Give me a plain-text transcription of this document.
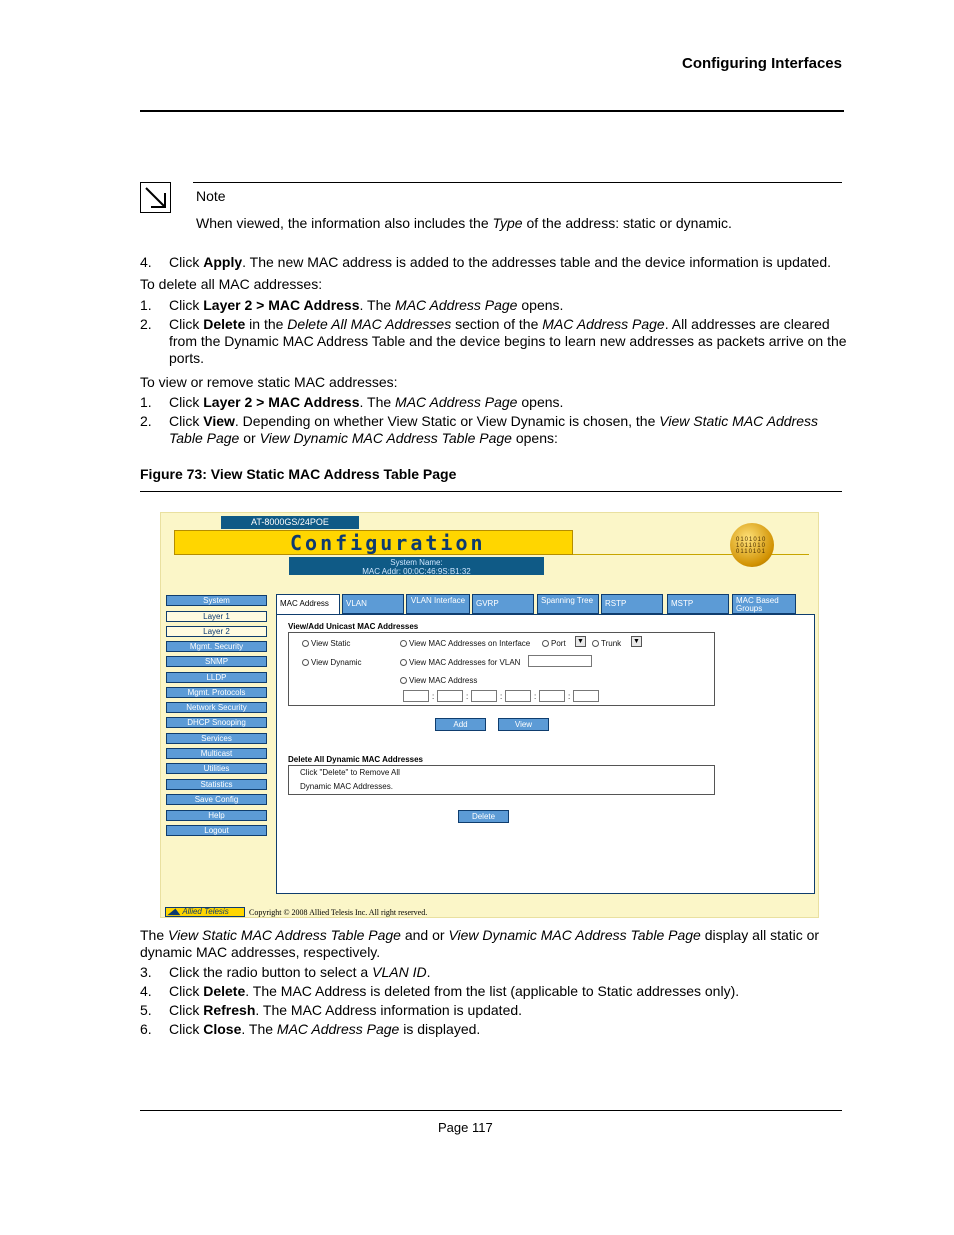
Configuring Interfaces
Note
When viewed, the information also includes the Type of the address: static or dynamic.
4. Click Apply. The new MAC address is added to the addresses table and the device information is updated.
To delete all MAC addresses:
1. Click Layer 2 > MAC Address. The MAC Address Page opens.
2. Click Delete in the Delete All MAC Addresses section of the MAC Address Page. All addresses are cleared
from the Dynamic MAC Address Table and the device begins to learn new addresses as packets arrive on the
ports.
To view or remove static MAC addresses:
1. Click Layer 2 > MAC Address. The MAC Address Page opens.
2. Click View. Depending on whether View Static or View Dynamic is chosen, the View Static MAC Address
Table Page or View Dynamic MAC Address Table Page opens:
Figure 73: View Static MAC Address Table Page
AT-8000GS/24POE
Configuration
System Name:
MAC Addr: 00:0C:46:9S:B1:32
0101010 1011010 0110101
System
Layer 1
Layer 2
Mgmt. Security
SNMP
LLDP
Mgmt. Protocols
Network Security
DHCP Snooping
Services
Multicast
Utilities
Statistics
Save Config
Help
Logout
MAC Address	VLAN	VLAN Interface	GVRP	Spanning Tree	RSTP	MSTP	MAC Based Groups
View/Add Unicast MAC Addresses
View Static
View Dynamic
View MAC Addresses on Interface	Port ▼	Trunk ▼
View MAC Addresses for VLAN
View MAC Address
:	:	:	:	:
Add	View
Delete All Dynamic MAC Addresses
Click "Delete" to Remove All
Dynamic MAC Addresses.
Delete
◢◣ Allied Telesis	Copyright © 2008 Allied Telesis Inc. All right reserved.
The View Static MAC Address Table Page and or View Dynamic MAC Address Table Page display all static or
dynamic MAC addresses, respectively.
3. Click the radio button to select a VLAN ID.
4. Click Delete. The MAC Address is deleted from the list (applicable to Static addresses only).
5. Click Refresh. The MAC Address information is updated.
6. Click Close. The MAC Address Page is displayed.
Page 117
